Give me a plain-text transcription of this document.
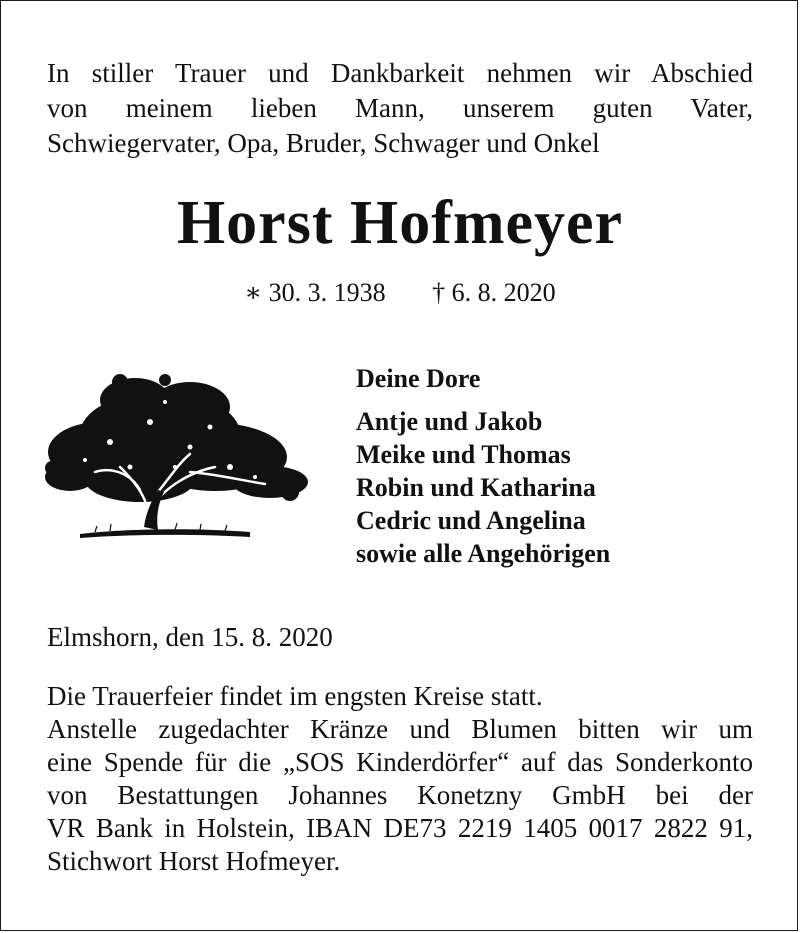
In stiller Trauer und Dankbarkeit nehmen wir Abschied
von meinem lieben Mann, unserem guten Vater,
Schwiegervater, Opa, Bruder, Schwager und Onkel
Horst Hofmeyer
∗ 30. 3. 1938 † 6. 8. 2020
Deine Dore
Antje und Jakob
Meike und Thomas
Robin und Katharina
Cedric und Angelina
sowie alle Angehörigen
Elmshorn, den 15. 8. 2020
Die Trauerfeier findet im engsten Kreise statt.
Anstelle zugedachter Kränze und Blumen bitten wir um
eine Spende für die „SOS Kinderdörfer“ auf das Sonderkonto
von Bestattungen Johannes Konetzny GmbH bei der
VR Bank in Holstein, IBAN DE73 2219 1405 0017 2822 91,
Stichwort Horst Hofmeyer.
